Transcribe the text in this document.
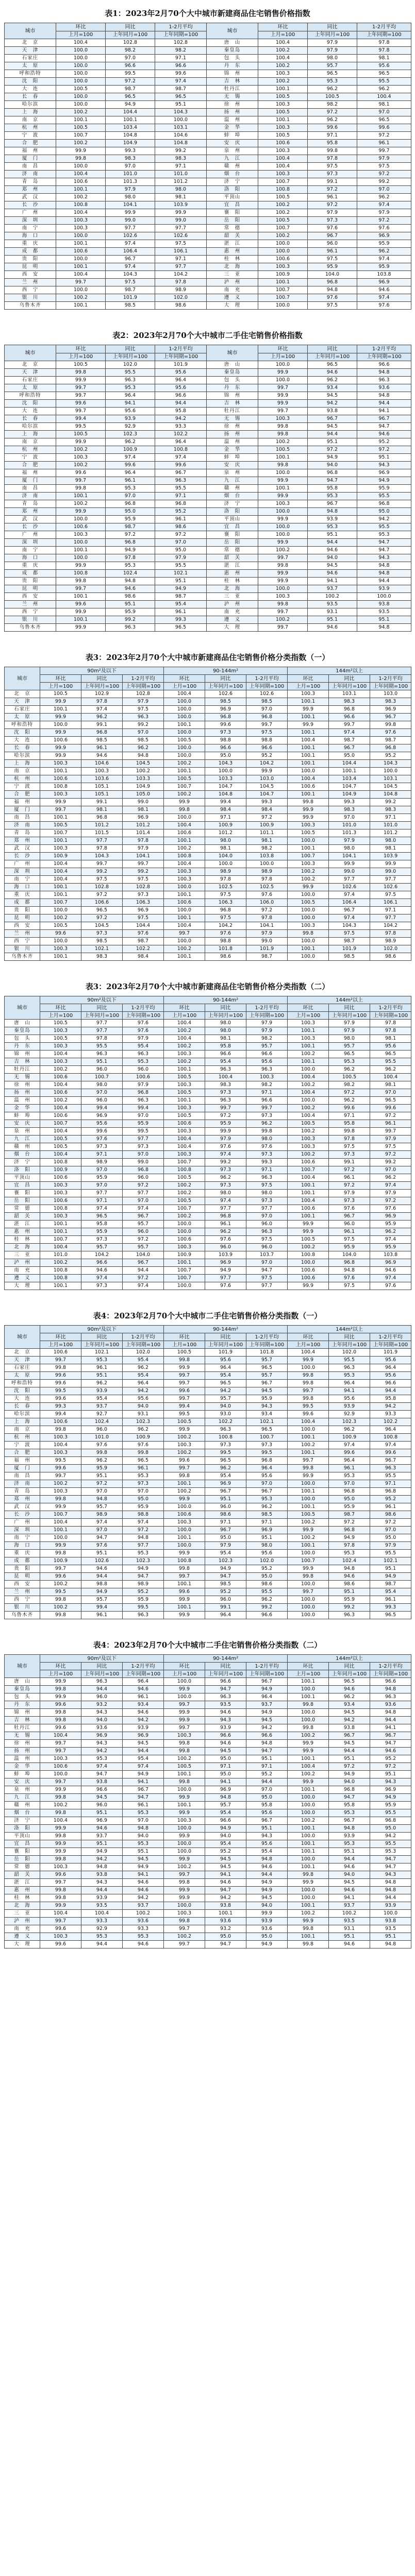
表1：2023年2月70个大中城市新建商品住宅销售价格指数
城市	环比	同比	1-2月平均	城市	环比	同比	1-2月平均
	上月=100	上年同月=100	上年同期=100		上月=100	上年同月=100	上年同期=100
北　京	100.4	102.8	102.8	唐　山	100.4	97.9	97.8
天　津	100.0	98.2	98.2	秦皇岛	100.2	97.9	97.8
石家庄	100.0	97.0	97.1	包　头	100.4	98.0	98.1
太　原	100.0	96.6	96.6	丹　东	100.2	95.7	95.6
呼和浩特	100.0	99.5	99.6	锦　州	100.3	96.5	96.5
沈　阳	100.0	97.2	97.4	吉　林	100.2	95.3	95.5
大　连	100.5	98.7	98.7	牡丹江	100.1	96.2	96.2
长　春	100.0	96.5	96.5	无　锡	100.5	100.5	100.4
哈尔滨	100.0	94.9	95.1	徐　州	100.3	98.2	98.1
上　海	100.2	104.4	104.3	扬　州	100.5	97.2	97.0
南　京	100.1	100.1	100.0	温　州	100.1	96.2	96.5
杭　州	100.5	103.4	103.1	金　华	100.3	99.6	99.6
宁　波	100.7	104.8	104.6	蚌　埠	100.5	97.1	97.2
合　肥	100.2	104.9	104.8	安　庆	100.6	95.8	96.1
福　州	99.9	99.3	99.2	泉　州	100.3	99.8	99.7
厦　门	99.8	98.3	98.3	九　江	100.4	97.8	97.9
南　昌	100.0	97.0	97.1	赣　州	100.4	97.5	97.5
济　南	100.4	101.0	101.0	烟　台	100.3	97.3	97.2
青　岛	100.6	101.3	101.2	济　宁	100.7	99.1	99.2
郑　州	100.1	97.9	98.0	洛　阳	100.8	97.2	97.0
武　汉	100.2	98.0	98.1	平顶山	100.5	96.1	96.2
长　沙	100.8	104.1	103.9	宜　昌	100.2	97.2	97.4
广　州	100.4	99.9	99.9	襄　阳	100.2	97.9	97.9
深　圳	100.3	99.0	99.0	岳　阳	100.5	97.3	97.2
南　宁	100.3	97.7	97.7	常　德	100.7	97.6	97.6
海　口	100.0	102.6	102.6	韶　关	100.2	96.7	96.9
重　庆	100.1	97.4	97.5	湛　江	100.0	96.0	95.9
成　都	100.6	106.4	106.1	惠　州	100.0	96.1	96.2
贵　阳	100.0	96.7	97.1	桂　林	100.6	97.5	97.4
昆　明	100.1	97.4	97.7	北　海	100.3	95.9	95.9
西　安	100.4	104.3	104.2	三　亚	100.9	104.0	103.8
兰　州	99.7	97.5	97.8	泸　州	100.1	96.8	96.9
西　宁	100.0	98.7	98.9	南　充	100.7	94.8	94.6
银　川	100.2	101.9	102.0	遵　义	100.7	97.6	97.4
乌鲁木齐	100.1	98.5	98.6	大　理	100.0	97.5	97.6
表2：2023年2月70个大中城市二手住宅销售价格指数
城市	环比	同比	1-2月平均	城市	环比	同比	1-2月平均
	上月=100	上年同月=100	上年同期=100		上月=100	上年同月=100	上年同期=100
北　京	100.5	102.0	101.9	唐　山	100.0	96.5	96.6
天　津	99.8	95.5	95.6	秦皇岛	99.9	94.6	94.8
石家庄	99.9	96.3	96.4	包　头	100.0	96.2	96.3
太　原	99.7	95.3	95.6	丹　东	99.7	93.4	93.6
呼和浩特	99.7	96.4	96.6	锦　州	99.9	94.5	94.8
沈　阳	99.6	94.1	94.4	吉　林	99.9	94.2	94.4
大　连	99.7	95.6	95.8	牡丹江	99.7	93.8	94.1
长　春	99.4	93.9	94.2	无　锡	100.3	96.7	96.7
哈尔滨	99.5	92.9	93.3	徐　州	99.8	94.5	94.7
上　海	100.5	102.3	102.2	扬　州	99.8	94.4	94.6
南　京	99.9	96.2	96.4	温　州	100.2	95.1	95.2
杭　州	100.2	100.9	100.8	金　华	100.5	97.2	97.2
宁　波	100.3	97.4	97.4	蚌　埠	100.1	94.9	95.1
合　肥	100.2	99.6	99.6	安　庆	99.8	94.0	94.3
福　州	99.6	96.4	96.7	泉　州	100.0	96.8	96.9
厦　门	99.7	96.1	96.3	九　江	99.9	94.7	94.9
南　昌	99.8	95.3	95.5	赣　州	100.1	95.8	95.9
济　南	100.1	97.0	97.1	烟　台	99.9	95.3	95.5
青　岛	100.2	96.8	96.8	济　宁	100.3	96.7	96.8
郑　州	99.9	95.0	95.2	洛　阳	100.0	94.8	95.0
武　汉	100.0	95.9	96.1	平顶山	99.9	93.9	94.2
长　沙	100.6	98.7	98.6	宜　昌	100.0	95.3	95.5
广　州	100.3	97.2	97.2	襄　阳	100.0	95.1	95.3
深　圳	100.0	96.8	97.0	岳　阳	99.9	94.4	94.7
南　宁	100.1	94.9	95.0	常　德	100.2	94.6	94.7
海　口	100.0	97.8	97.9	韶　关	99.7	94.0	94.3
重　庆	99.9	95.3	95.5	湛　江	99.8	94.5	94.8
成　都	100.8	102.4	102.1	惠　州	99.9	94.6	94.8
贵　阳	99.8	94.8	95.1	桂　林	99.9	94.1	94.4
昆　明	99.7	94.6	94.9	北　海	100.0	93.7	93.9
西　安	100.1	98.6	98.7	三　亚	100.3	100.2	100.0
兰　州	99.6	95.1	95.4	泸　州	99.8	93.5	93.8
西　宁	99.9	95.9	96.1	南　充	99.7	93.1	93.5
银　川	100.1	99.2	99.3	遵　义	100.2	95.1	95.1
乌鲁木齐	99.9	96.3	96.5	大　理	99.7	94.6	94.8
表3：2023年2月70个大中城市新建商品住宅销售价格分类指数（一）
城市	90m²及以下			90-144m²			144m²以上		
	环比	同比	1-2月平均	环比	同比	1-2月平均	环比	同比	1-2月平均
	上月=100	上年同月=100	上年同期=100	上月=100	上年同月=100	上年同期=100	上月=100	上年同月=100	上年同期=100
北　京	100.5	102.9	102.8	100.4	102.6	102.6	100.3	103.1	103.0
天　津	99.9	97.8	97.9	100.0	98.5	98.5	100.1	98.3	98.3
石家庄	100.1	97.4	97.5	100.0	96.9	97.0	99.9	96.8	96.9
太　原	99.9	96.2	96.3	100.0	96.8	96.8	100.1	96.6	96.7
呼和浩特	100.0	99.1	99.2	100.1	99.6	99.7	99.9	99.7	99.8
沈　阳	99.9	96.8	97.0	100.0	97.3	97.5	100.1	97.4	97.6
大　连	100.6	98.5	98.5	100.5	98.8	98.8	100.4	98.7	98.7
长　春	99.9	96.1	96.2	100.0	96.6	96.6	100.1	96.7	96.8
哈尔滨	99.9	94.6	94.8	100.0	95.0	95.2	100.1	95.0	95.2
上　海	100.3	104.6	104.5	100.2	104.3	104.2	100.1	104.4	104.3
南　京	100.1	100.3	100.2	100.1	100.0	99.9	100.0	100.1	100.0
杭　州	100.6	103.6	103.3	100.5	103.3	103.0	100.4	103.4	103.1
宁　波	100.8	105.1	104.9	100.7	104.7	104.5	100.6	104.7	104.5
合　肥	100.3	105.1	105.0	100.2	104.8	104.7	100.1	104.9	104.8
福　州	99.9	99.1	99.0	99.9	99.4	99.3	99.8	99.3	99.2
厦　门	99.7	98.1	98.1	99.8	98.4	98.4	99.9	98.3	98.3
南　昌	100.1	96.8	96.9	100.0	97.1	97.2	99.9	97.0	97.1
济　南	100.5	101.2	101.2	100.4	100.9	100.9	100.3	101.0	101.0
青　岛	100.7	101.5	101.4	100.6	101.2	101.1	100.5	101.3	101.2
郑　州	100.1	97.7	97.8	100.1	98.0	98.1	100.0	97.9	98.0
武　汉	100.3	97.8	97.9	100.2	98.1	98.2	100.1	98.0	98.1
长　沙	100.9	104.3	104.1	100.8	104.0	103.8	100.7	104.1	103.9
广　州	100.4	99.7	99.7	100.4	100.0	100.0	100.3	99.9	99.9
深　圳	100.4	99.2	99.2	100.3	98.9	98.9	100.2	99.0	99.0
南　宁	100.4	97.5	97.5	100.3	97.8	97.8	100.2	97.7	97.7
海　口	100.1	102.8	102.8	100.0	102.5	102.5	99.9	102.6	102.6
重　庆	100.1	97.2	97.3	100.1	97.5	97.6	100.0	97.4	97.5
成　都	100.7	106.6	106.3	100.6	106.3	106.0	100.5	106.4	106.1
贵　阳	100.0	96.5	96.9	100.0	96.8	97.2	100.0	96.7	97.1
昆　明	100.2	97.2	97.5	100.1	97.5	97.8	100.0	97.4	97.7
西　安	100.5	104.5	104.4	100.4	104.2	104.1	100.3	104.3	104.2
兰　州	99.6	97.3	97.6	99.7	97.6	97.9	99.8	97.5	97.8
西　宁	100.0	98.5	98.7	100.0	98.8	99.0	100.0	98.7	98.9
银　川	100.3	102.1	102.2	100.2	101.8	101.9	100.1	101.9	102.0
乌鲁木齐	100.1	98.3	98.4	100.1	98.6	98.7	100.0	98.5	98.6
表3：2023年2月70个大中城市新建商品住宅销售价格分类指数（二）
城市	90m²及以下			90-144m²			144m²以上		
	环比	同比	1-2月平均	环比	同比	1-2月平均	环比	同比	1-2月平均
	上月=100	上年同月=100	上年同期=100	上月=100	上年同月=100	上年同期=100	上月=100	上年同月=100	上年同期=100
唐　山	100.5	97.7	97.6	100.4	98.0	97.9	100.3	97.9	97.8
秦皇岛	100.3	97.7	97.6	100.2	98.0	97.9	100.1	97.9	97.8
包　头	100.5	97.8	97.9	100.4	98.1	98.2	100.3	98.0	98.1
丹　东	100.3	95.5	95.4	100.2	95.8	95.7	100.1	95.7	95.6
锦　州	100.4	96.3	96.3	100.3	96.6	96.6	100.2	96.5	96.5
吉　林	100.3	95.1	95.3	100.2	95.4	95.6	100.1	95.3	95.5
牡丹江	100.2	96.0	96.0	100.1	96.3	96.3	100.0	96.2	96.2
无　锡	100.6	100.7	100.6	100.5	100.4	100.3	100.4	100.5	100.4
徐　州	100.4	98.0	97.9	100.3	98.3	98.2	100.2	98.2	98.1
扬　州	100.6	97.0	96.8	100.5	97.3	97.1	100.4	97.2	97.0
温　州	100.2	96.0	96.3	100.1	96.3	96.6	100.0	96.2	96.5
金　华	100.4	99.4	99.4	100.3	99.7	99.7	100.2	99.6	99.6
蚌　埠	100.6	96.9	97.0	100.5	97.2	97.3	100.4	97.1	97.2
安　庆	100.7	95.6	95.9	100.6	95.9	96.2	100.5	95.8	96.1
泉　州	100.4	99.6	99.5	100.3	99.9	99.8	100.2	99.8	99.7
九　江	100.5	97.6	97.7	100.4	97.9	98.0	100.3	97.8	97.9
赣　州	100.5	97.3	97.3	100.4	97.6	97.6	100.3	97.5	97.5
烟　台	100.4	97.1	97.0	100.3	97.4	97.3	100.2	97.3	97.2
济　宁	100.8	98.9	99.0	100.7	99.2	99.3	100.6	99.1	99.2
洛　阳	100.9	97.0	96.8	100.8	97.3	97.1	100.7	97.2	97.0
平顶山	100.6	95.9	96.0	100.5	96.2	96.3	100.4	96.1	96.2
宜　昌	100.3	97.0	97.2	100.2	97.3	97.5	100.1	97.2	97.4
襄　阳	100.3	97.7	97.7	100.2	98.0	98.0	100.1	97.9	97.9
岳　阳	100.6	97.1	97.0	100.5	97.4	97.3	100.4	97.3	97.2
常　德	100.8	97.4	97.4	100.7	97.7	97.7	100.6	97.6	97.6
韶　关	100.3	96.5	96.7	100.2	96.8	97.0	100.1	96.7	96.9
湛　江	100.1	95.8	95.7	100.0	96.1	96.0	99.9	96.0	95.9
惠　州	100.1	95.9	96.0	100.0	96.2	96.3	99.9	96.1	96.2
桂　林	100.7	97.3	97.2	100.6	97.6	97.5	100.5	97.5	97.4
北　海	100.4	95.7	95.7	100.3	96.0	96.0	100.2	95.9	95.9
三　亚	101.0	104.2	104.0	100.9	103.9	103.7	100.8	104.0	103.8
泸　州	100.2	96.6	96.7	100.1	96.9	97.0	100.0	96.8	96.9
南　充	100.8	94.6	94.4	100.7	94.9	94.7	100.6	94.8	94.6
遵　义	100.8	97.4	97.2	100.7	97.7	97.5	100.6	97.6	97.4
大　理	100.1	97.3	97.4	100.0	97.6	97.7	99.9	97.5	97.6
表4：2023年2月70个大中城市二手住宅销售价格分类指数（一）
城市	90m²及以下			90-144m²			144m²以上		
	环比	同比	1-2月平均	环比	同比	1-2月平均	环比	同比	1-2月平均
	上月=100	上年同月=100	上年同期=100	上月=100	上年同月=100	上年同期=100	上月=100	上年同月=100	上年同期=100
北　京	100.6	102.1	102.0	100.5	101.9	101.8	100.4	102.0	101.9
天　津	99.7	95.3	95.4	99.8	95.6	95.7	99.9	95.5	95.6
石家庄	99.8	96.1	96.2	99.9	96.4	96.5	100.0	96.3	96.4
太　原	99.6	95.1	95.4	99.7	95.4	95.7	99.8	95.3	95.6
呼和浩特	99.6	96.2	96.4	99.7	96.5	96.7	99.8	96.4	96.6
沈　阳	99.5	93.9	94.2	99.6	94.2	94.5	99.7	94.1	94.4
大　连	99.6	95.4	95.6	99.7	95.7	95.9	99.8	95.6	95.8
长　春	99.3	93.7	94.0	99.4	94.0	94.3	99.5	93.9	94.2
哈尔滨	99.4	92.7	93.1	99.5	93.0	93.4	99.6	92.9	93.3
上　海	100.6	102.4	102.3	100.5	102.2	102.1	100.4	102.3	102.2
南　京	99.8	96.0	96.2	99.9	96.3	96.5	100.0	96.2	96.4
杭　州	100.3	101.0	100.9	100.2	100.8	100.7	100.1	100.9	100.8
宁　波	100.4	97.6	97.6	100.3	97.3	97.3	100.2	97.4	97.4
合　肥	100.3	99.8	99.8	100.2	99.5	99.5	100.1	99.6	99.6
福　州	99.5	96.2	96.5	99.6	96.5	96.8	99.7	96.4	96.7
厦　门	99.6	95.9	96.1	99.7	96.2	96.4	99.8	96.1	96.3
南　昌	99.7	95.1	95.3	99.8	95.4	95.6	99.9	95.3	95.5
济　南	100.2	97.2	97.3	100.1	96.9	97.0	100.0	97.0	97.1
青　岛	100.3	97.0	97.0	100.2	96.7	96.7	100.1	96.8	96.8
郑　州	99.8	94.8	95.0	99.9	95.1	95.3	100.0	95.0	95.2
武　汉	99.9	95.7	95.9	100.0	96.0	96.2	100.1	95.9	96.1
长　沙	100.7	98.9	98.8	100.6	98.6	98.5	100.5	98.7	98.6
广　州	100.4	97.4	97.4	100.3	97.1	97.1	100.2	97.2	97.2
深　圳	100.1	97.0	97.2	100.0	96.7	96.9	99.9	96.8	97.0
南　宁	100.0	94.7	94.8	100.1	95.0	95.1	100.2	94.9	95.0
海　口	99.9	97.6	97.7	100.0	97.9	98.0	100.1	97.8	97.9
重　庆	99.8	95.1	95.3	99.9	95.4	95.6	100.0	95.3	95.5
成　都	100.9	102.6	102.3	100.8	102.3	102.0	100.7	102.4	102.1
贵　阳	99.7	94.6	94.9	99.8	94.9	95.2	99.9	94.8	95.1
昆　明	99.6	94.4	94.7	99.7	94.7	95.0	99.8	94.6	94.9
西　安	100.2	98.8	98.9	100.1	98.5	98.6	100.0	98.6	98.7
兰　州	99.5	94.9	95.2	99.6	95.2	95.5	99.7	95.1	95.4
西　宁	99.8	95.7	95.9	99.9	96.0	96.2	100.0	95.9	96.1
银　川	100.2	99.4	99.5	100.1	99.1	99.2	100.0	99.2	99.3
乌鲁木齐	99.8	96.1	96.3	99.9	96.4	96.6	100.0	96.3	96.5
表4：2023年2月70个大中城市二手住宅销售价格分类指数（二）
城市	90m²及以下			90-144m²			144m²以上		
	环比	同比	1-2月平均	环比	同比	1-2月平均	环比	同比	1-2月平均
	上月=100	上年同月=100	上年同期=100	上月=100	上年同月=100	上年同期=100	上月=100	上年同月=100	上年同期=100
唐　山	99.9	96.3	96.4	100.0	96.6	96.7	100.1	96.5	96.6
秦皇岛	99.8	94.4	94.6	99.9	94.7	94.9	100.0	94.6	94.8
包　头	99.9	96.0	96.1	100.0	96.3	96.4	100.1	96.2	96.3
丹　东	99.6	93.2	93.4	99.7	93.5	93.7	99.8	93.4	93.6
锦　州	99.8	94.3	94.6	99.9	94.6	94.9	100.0	94.5	94.8
吉　林	99.8	94.0	94.2	99.9	94.3	94.5	100.0	94.2	94.4
牡丹江	99.6	93.6	93.9	99.7	93.9	94.2	99.8	93.8	94.1
无　锡	100.4	96.9	96.9	100.3	96.6	96.6	100.2	96.7	96.7
徐　州	99.7	94.3	94.5	99.8	94.6	94.8	99.9	94.5	94.7
扬　州	99.7	94.2	94.4	99.8	94.5	94.7	99.9	94.4	94.6
温　州	100.3	95.3	95.4	100.2	95.0	95.1	100.1	95.1	95.2
金　华	100.6	97.4	97.4	100.5	97.1	97.1	100.4	97.2	97.2
蚌　埠	100.0	94.7	94.9	100.1	95.0	95.2	100.2	94.9	95.1
安　庆	99.7	93.8	94.1	99.8	94.1	94.4	99.9	94.0	94.3
泉　州	99.9	96.6	96.7	100.0	96.9	97.0	100.1	96.8	96.9
九　江	99.8	94.5	94.7	99.9	94.8	95.0	100.0	94.7	94.9
赣　州	100.2	96.0	96.1	100.1	95.7	95.8	100.0	95.8	95.9
烟　台	99.8	95.1	95.3	99.9	95.4	95.6	100.0	95.3	95.5
济　宁	100.4	96.9	97.0	100.3	96.6	96.7	100.2	96.7	96.8
洛　阳	99.9	94.6	94.8	100.0	94.9	95.1	100.1	94.8	95.0
平顶山	99.8	93.7	94.0	99.9	94.0	94.3	100.0	93.9	94.2
宜　昌	99.9	95.1	95.3	100.0	95.4	95.6	100.1	95.3	95.5
襄　阳	99.9	94.9	95.1	100.0	95.2	95.4	100.1	95.1	95.3
岳　阳	99.8	94.2	94.5	99.9	94.5	94.8	100.0	94.4	94.7
常　德	100.3	94.8	94.9	100.2	94.5	94.6	100.1	94.6	94.7
韶　关	99.6	93.8	94.1	99.7	94.1	94.4	99.8	94.0	94.3
湛　江	99.7	94.3	94.6	99.8	94.6	94.9	99.9	94.5	94.8
惠　州	99.8	94.4	94.6	99.9	94.7	94.9	100.0	94.6	94.8
桂　林	99.8	93.9	94.2	99.9	94.2	94.5	100.0	94.1	94.4
北　海	99.9	93.5	93.7	100.0	93.8	94.0	100.1	93.7	93.9
三　亚	100.4	100.4	100.2	100.3	100.1	99.9	100.2	100.2	100.0
泸　州	99.7	93.3	93.6	99.8	93.6	93.9	99.9	93.5	93.8
南　充	99.6	92.9	93.3	99.7	93.2	93.6	99.8	93.1	93.5
遵　义	100.3	95.3	95.3	100.2	95.0	95.0	100.1	95.1	95.1
大　理	99.6	94.4	94.6	99.7	94.7	94.9	99.8	94.6	94.8
